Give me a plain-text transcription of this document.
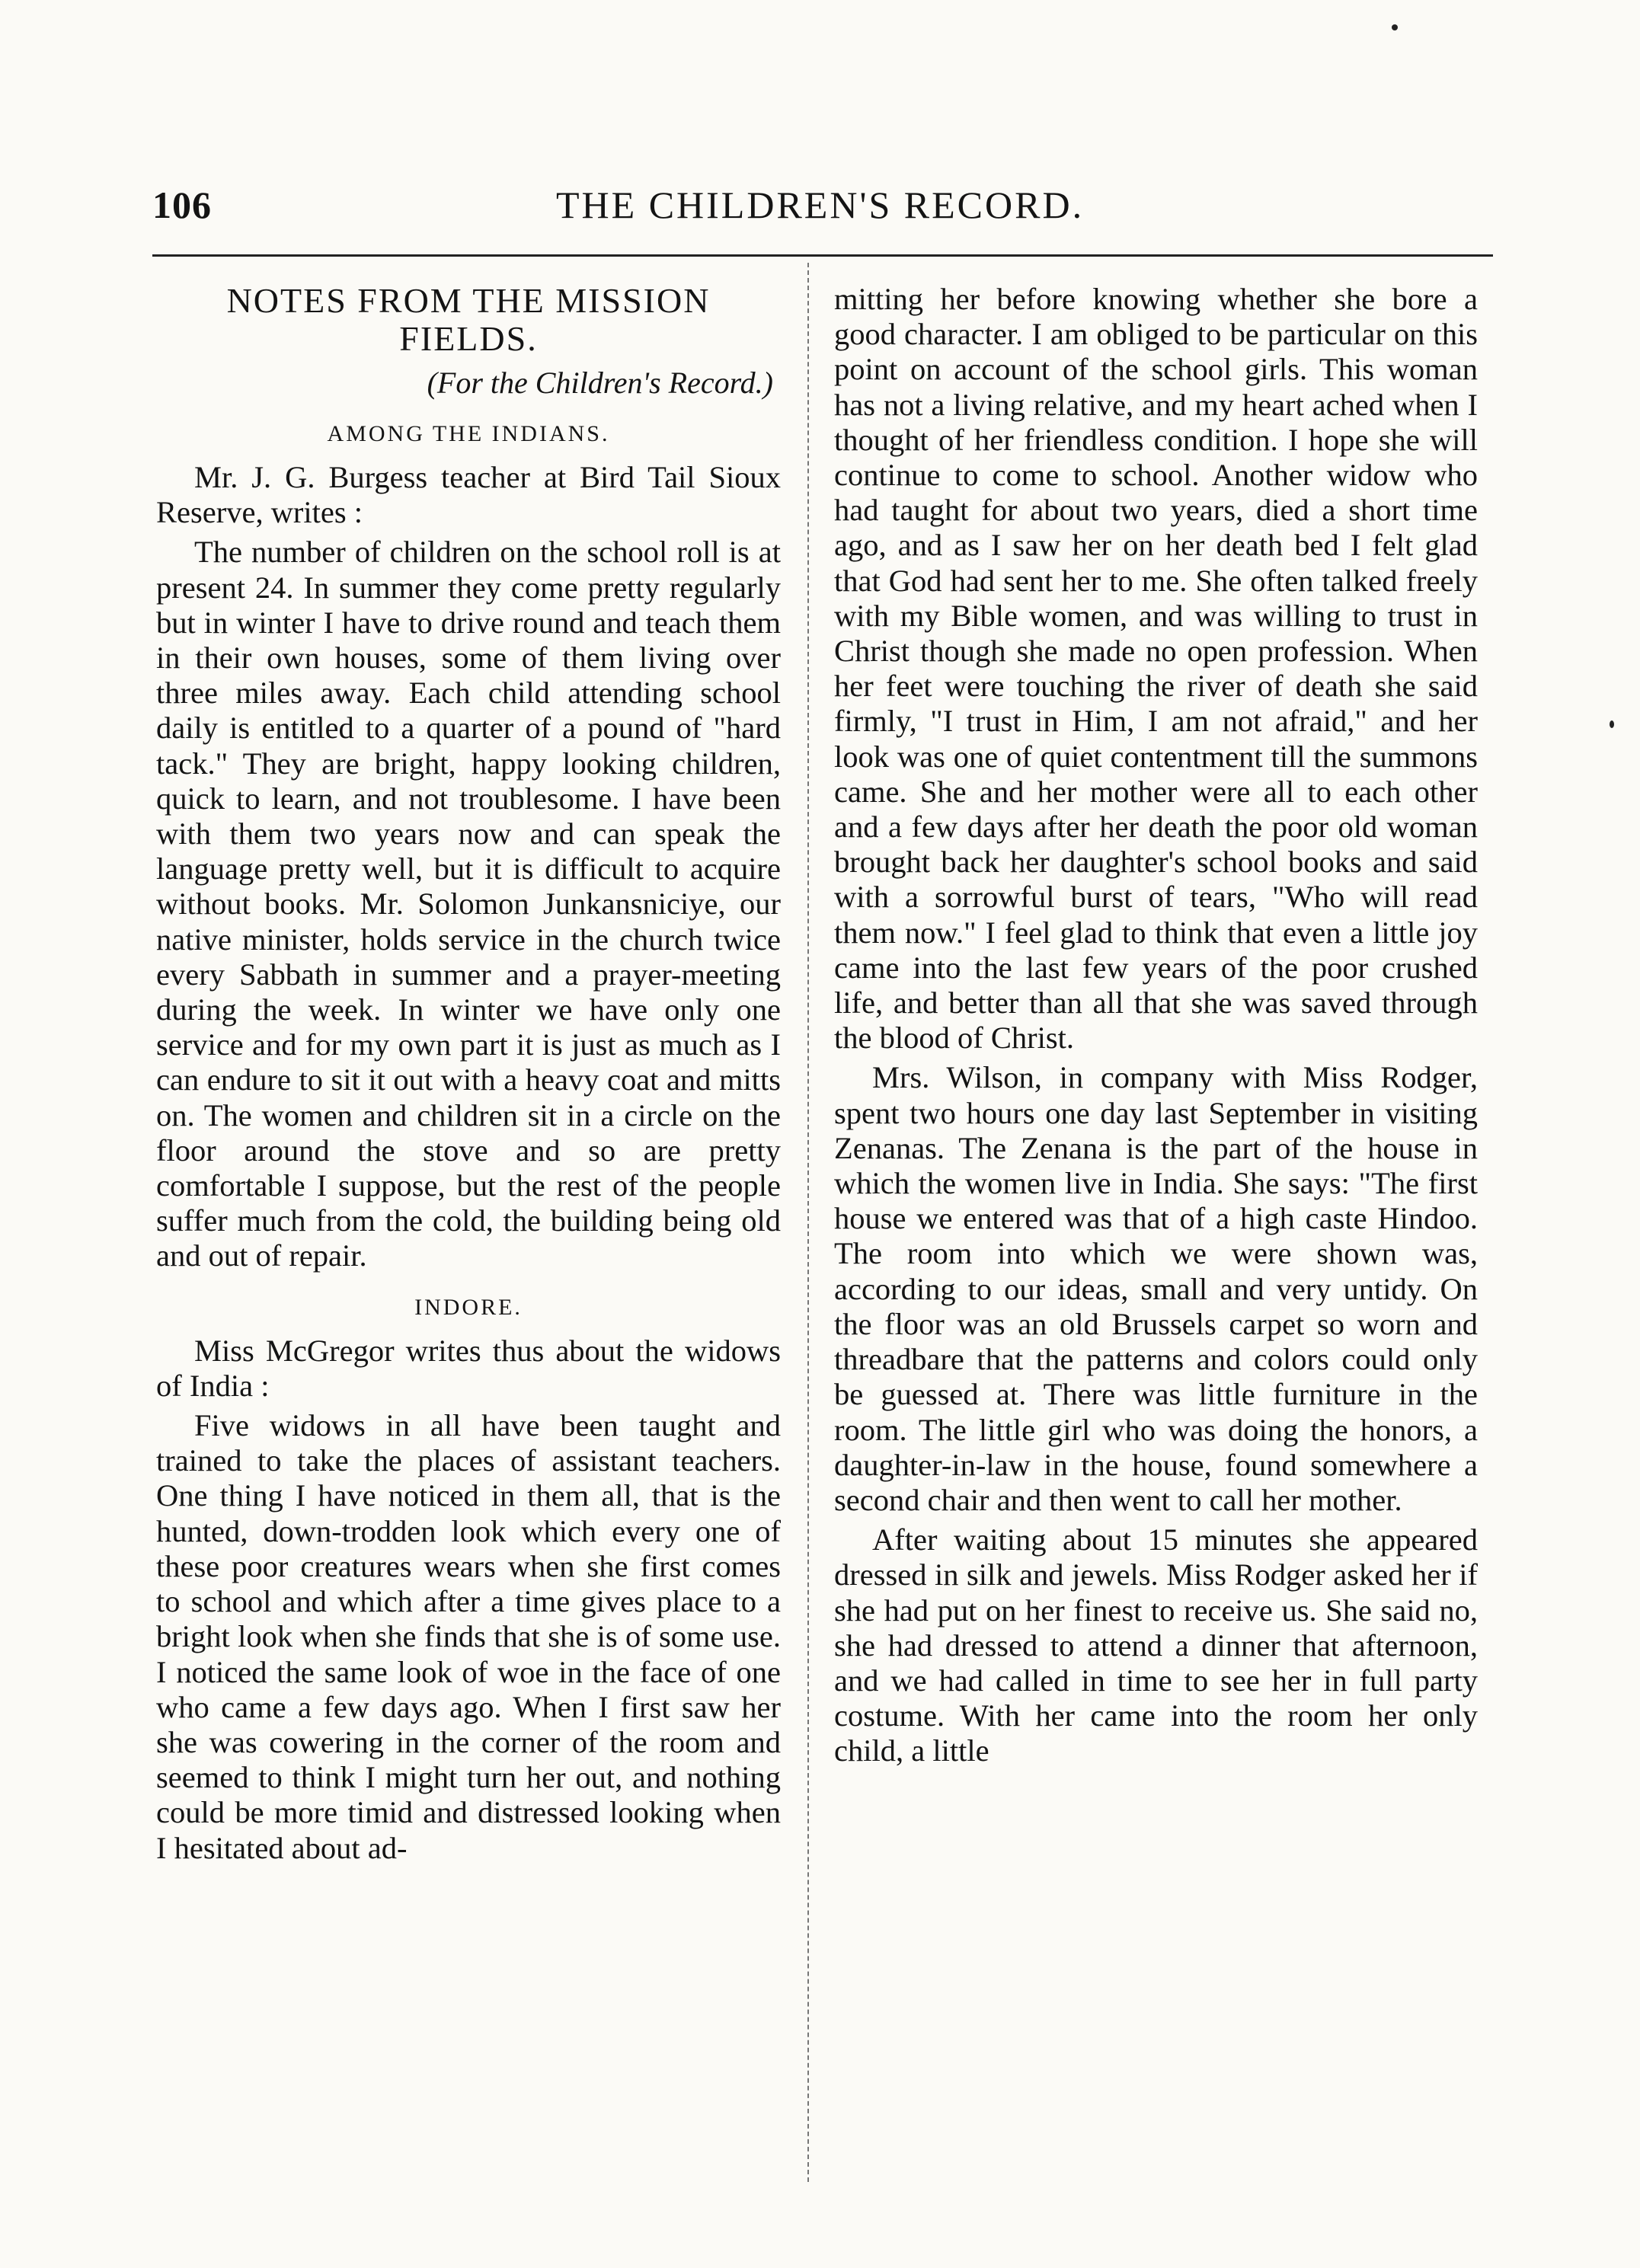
106	THE CHILDREN'S RECORD.
NOTES FROM THE MISSION FIELDS.
(For the Children's Record.)
AMONG THE INDIANS.

Mr. J. G. Burgess teacher at Bird Tail Sioux Reserve, writes :

The number of children on the school roll is at present 24. In summer they come pretty regularly but in winter I have to drive round and teach them in their own houses, some of them living over three miles away. Each child attending school daily is entitled to a quarter of a pound of "hard tack." They are bright, happy looking children, quick to learn, and not troublesome. I have been with them two years now and can speak the language pretty well, but it is difficult to acquire without books. Mr. Solomon Junkansniciye, our native minister, holds service in the church twice every Sabbath in summer and a prayer-meeting during the week. In winter we have only one service and for my own part it is just as much as I can endure to sit it out with a heavy coat and mitts on. The women and children sit in a circle on the floor around the stove and so are pretty comfortable I suppose, but the rest of the people suffer much from the cold, the building being old and out of repair.

INDORE.

Miss McGregor writes thus about the widows of India :

Five widows in all have been taught and trained to take the places of assistant teachers. One thing I have noticed in them all, that is the hunted, down-trodden look which every one of these poor creatures wears when she first comes to school and which after a time gives place to a bright look when she finds that she is of some use. I noticed the same look of woe in the face of one who came a few days ago. When I first saw her she was cowering in the corner of the room and seemed to think I might turn her out, and nothing could be more timid and distressed looking when I hesitated about ad-

mitting her before knowing whether she bore a good character. I am obliged to be particular on this point on account of the school girls. This woman has not a living relative, and my heart ached when I thought of her friendless condition. I hope she will continue to come to school. Another widow who had taught for about two years, died a short time ago, and as I saw her on her death bed I felt glad that God had sent her to me. She often talked freely with my Bible women, and was willing to trust in Christ though she made no open profession. When her feet were touching the river of death she said firmly, "I trust in Him, I am not afraid," and her look was one of quiet contentment till the summons came. She and her mother were all to each other and a few days after her death the poor old woman brought back her daughter's school books and said with a sorrowful burst of tears, "Who will read them now." I feel glad to think that even a little joy came into the last few years of the poor crushed life, and better than all that she was saved through the blood of Christ.

Mrs. Wilson, in company with Miss Rodger, spent two hours one day last September in visiting Zenanas. The Zenana is the part of the house in which the women live in India. She says: "The first house we entered was that of a high caste Hindoo. The room into which we were shown was, according to our ideas, small and very untidy. On the floor was an old Brussels carpet so worn and threadbare that the patterns and colors could only be guessed at. There was little furniture in the room. The little girl who was doing the honors, a daughter-in-law in the house, found somewhere a second chair and then went to call her mother.

After waiting about 15 minutes she appeared dressed in silk and jewels. Miss Rodger asked her if she had put on her finest to receive us. She said no, she had dressed to attend a dinner that afternoon, and we had called in time to see her in full party costume. With her came into the room her only child, a little
